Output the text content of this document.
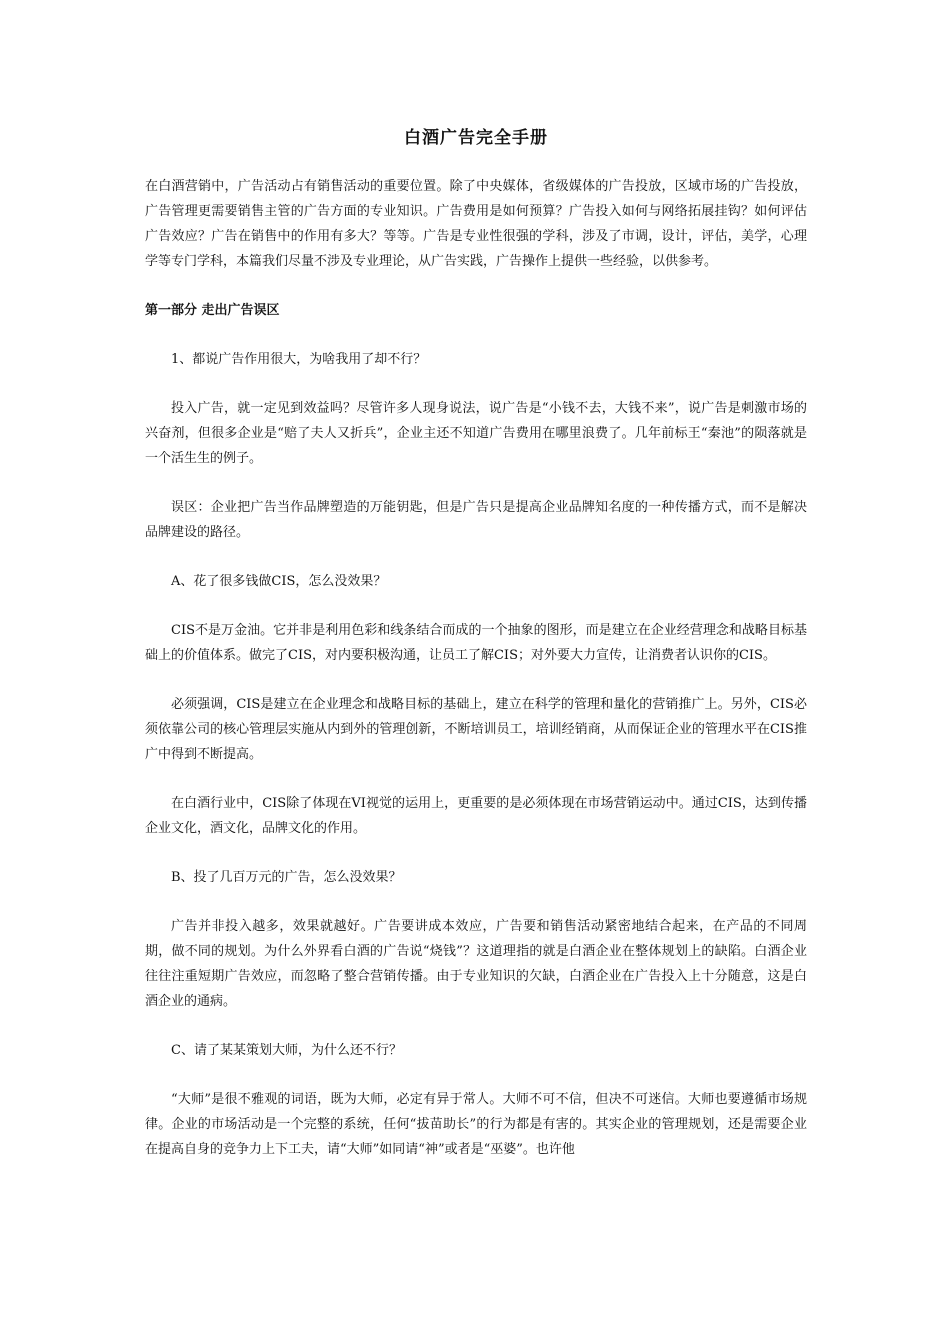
白酒广告完全手册

在白酒营销中，广告活动占有销售活动的重要位置。除了中央媒体，省级媒体的广告投放，区域市场的广告投放，广告管理更需要销售主管的广告方面的专业知识。广告费用是如何预算？广告投入如何与网络拓展挂钩？如何评估广告效应？广告在销售中的作用有多大？等等。广告是专业性很强的学科，涉及了市调，设计，评估，美学，心理学等专门学科，本篇我们尽量不涉及专业理论，从广告实践，广告操作上提供一些经验，以供参考。

第一部分 走出广告误区

1、都说广告作用很大，为啥我用了却不行？

投入广告，就一定见到效益吗？尽管许多人现身说法，说广告是“小钱不去，大钱不来”，说广告是刺激市场的兴奋剂，但很多企业是“赔了夫人又折兵”，企业主还不知道广告费用在哪里浪费了。几年前标王“秦池”的陨落就是一个活生生的例子。

误区：企业把广告当作品牌塑造的万能钥匙，但是广告只是提高企业品牌知名度的一种传播方式，而不是解决品牌建设的路径。

A、花了很多钱做CIS，怎么没效果？

CIS不是万金油。它并非是利用色彩和线条结合而成的一个抽象的图形，而是建立在企业经营理念和战略目标基础上的价值体系。做完了CIS，对内要积极沟通，让员工了解CIS；对外要大力宣传，让消费者认识你的CIS。

必须强调，CIS是建立在企业理念和战略目标的基础上，建立在科学的管理和量化的营销推广上。另外，CIS必须依靠公司的核心管理层实施从内到外的管理创新，不断培训员工，培训经销商，从而保证企业的管理水平在CIS推广中得到不断提高。

在白酒行业中，CIS除了体现在VI视觉的运用上，更重要的是必须体现在市场营销运动中。通过CIS，达到传播企业文化，酒文化，品牌文化的作用。

B、投了几百万元的广告，怎么没效果？

广告并非投入越多，效果就越好。广告要讲成本效应，广告要和销售活动紧密地结合起来，在产品的不同周期，做不同的规划。为什么外界看白酒的广告说“烧钱”？这道理指的就是白酒企业在整体规划上的缺陷。白酒企业往往注重短期广告效应，而忽略了整合营销传播。由于专业知识的欠缺，白酒企业在广告投入上十分随意，这是白酒企业的通病。

C、请了某某策划大师，为什么还不行？

“大师”是很不雅观的词语，既为大师，必定有异于常人。大师不可不信，但决不可迷信。大师也要遵循市场规律。企业的市场活动是一个完整的系统，任何“拔苗助长”的行为都是有害的。其实企业的管理规划，还是需要企业在提高自身的竞争力上下工夫，请“大师”如同请“神”或者是“巫婆”。也许他
